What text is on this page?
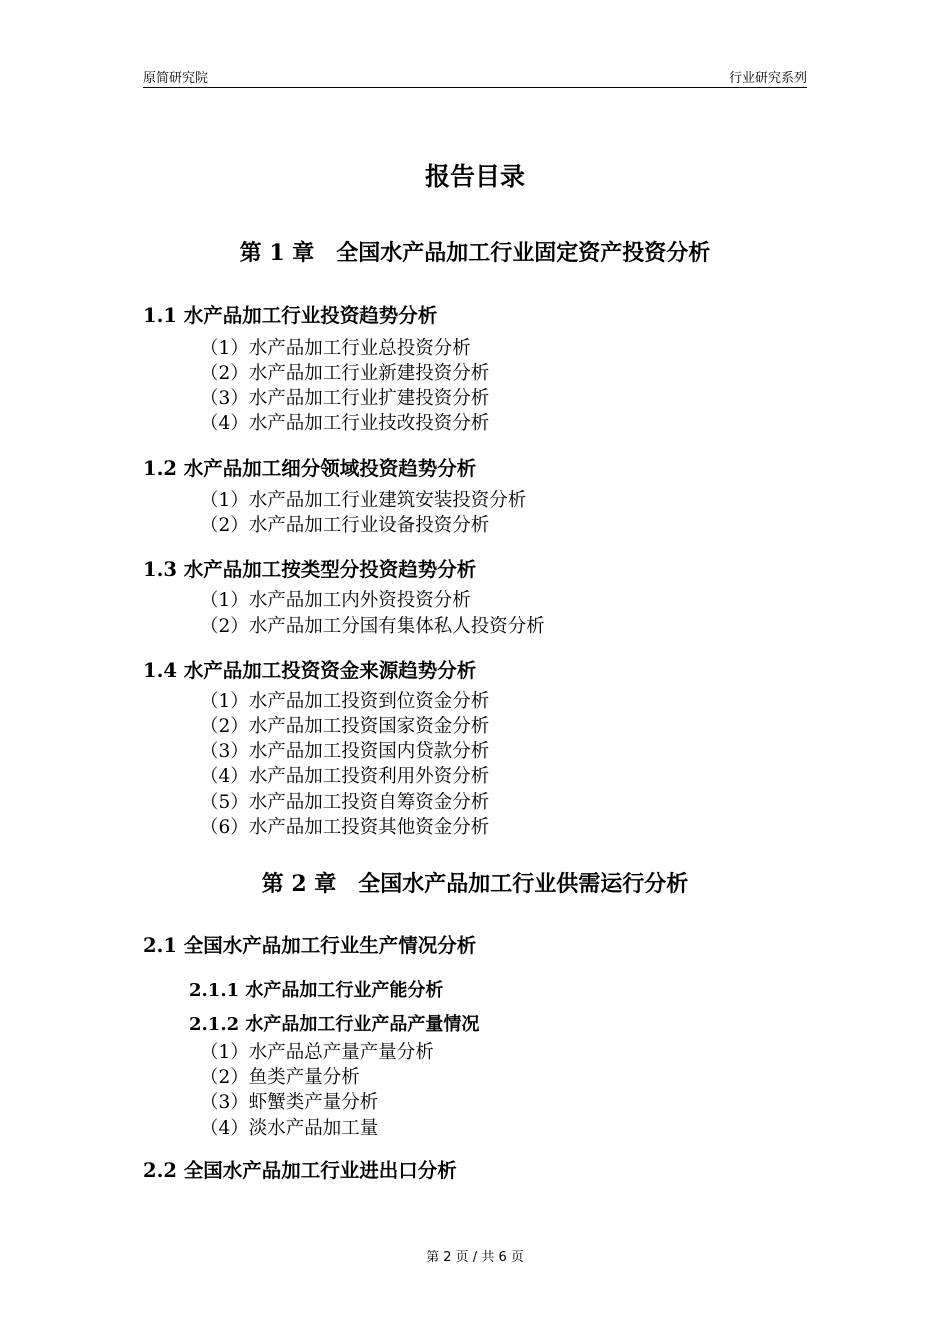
原简研究院	行业研究系列
报告目录
第 1 章　全国水产品加工行业固定资产投资分析
1.1 水产品加工行业投资趋势分析
（1）水产品加工行业总投资分析
（2）水产品加工行业新建投资分析
（3）水产品加工行业扩建投资分析
（4）水产品加工行业技改投资分析
1.2 水产品加工细分领域投资趋势分析
（1）水产品加工行业建筑安装投资分析
（2）水产品加工行业设备投资分析
1.3 水产品加工按类型分投资趋势分析
（1）水产品加工内外资投资分析
（2）水产品加工分国有集体私人投资分析
1.4 水产品加工投资资金来源趋势分析
（1）水产品加工投资到位资金分析
（2）水产品加工投资国家资金分析
（3）水产品加工投资国内贷款分析
（4）水产品加工投资利用外资分析
（5）水产品加工投资自筹资金分析
（6）水产品加工投资其他资金分析
第 2 章　全国水产品加工行业供需运行分析
2.1 全国水产品加工行业生产情况分析
2.1.1 水产品加工行业产能分析
2.1.2 水产品加工行业产品产量情况
（1）水产品总产量产量分析
（2）鱼类产量分析
（3）虾蟹类产量分析
（4）淡水产品加工量
2.2 全国水产品加工行业进出口分析
第 2 页 / 共 6 页
